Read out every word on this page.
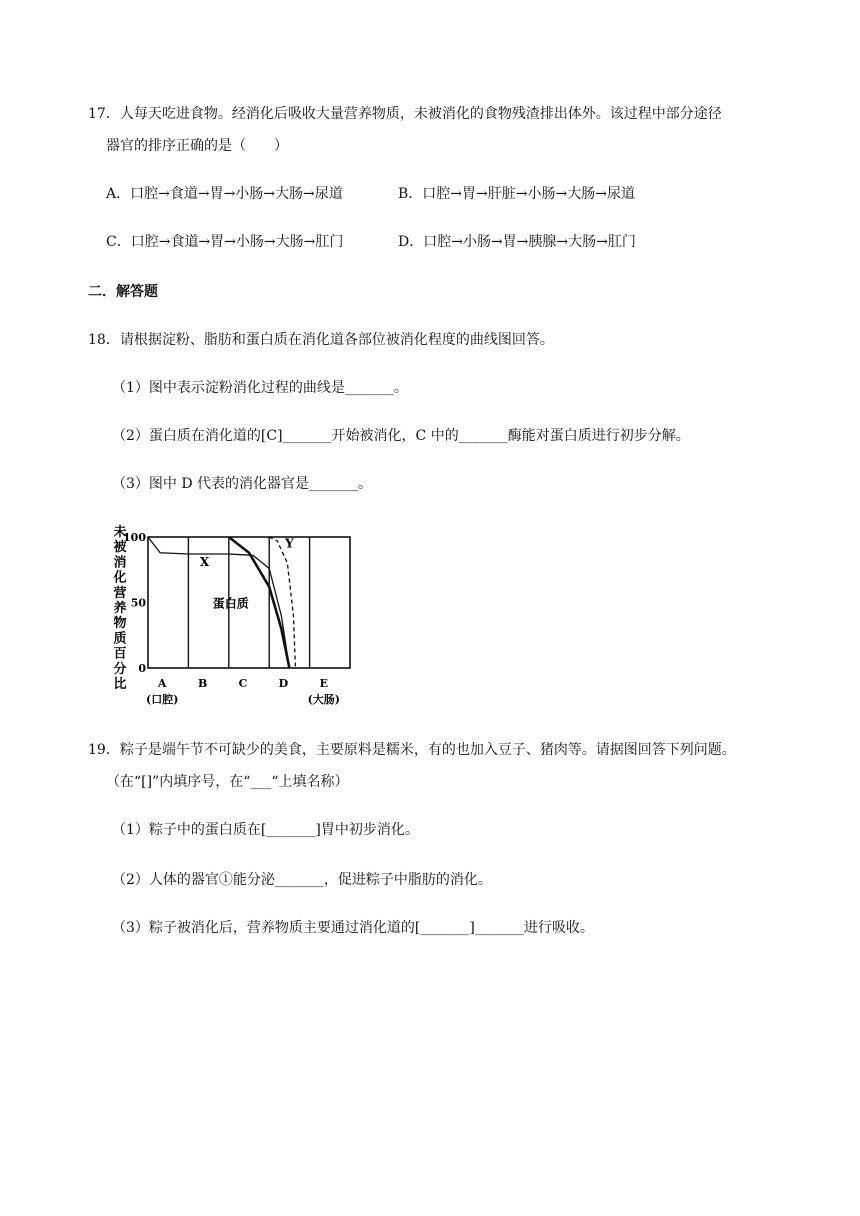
17．人每天吃进食物。经消化后吸收大量营养物质，未被消化的食物残渣排出体外。该过程中部分途径
器官的排序正确的是（　　）
A．口腔→食道→胃→小肠→大肠→尿道	B．口腔→胃→肝脏→小肠→大肠→尿道
C．口腔→食道→胃→小肠→大肠→肛门	D．口腔→小肠→胃→胰腺→大肠→肛门
二．解答题
18．请根据淀粉、脂肪和蛋白质在消化道各部位被消化程度的曲线图回答。
（1）图中表示淀粉消化过程的曲线是_______。
（2）蛋白质在消化道的[C]_______开始被消化，C 中的_______酶能对蛋白质进行初步分解。
（3）图中 D 代表的消化器官是_______。
未
被
消
化
营
养
物
质
百
分
比
100
50
0
A
(口腔)
B	C	D	E
(大肠)
X
蛋白质
Y
19．粽子是端午节不可缺少的美食，主要原料是糯米，有的也加入豆子、猪肉等。请据图回答下列问题。
（在“[]”内填序号，在“___“上填名称）
（1）粽子中的蛋白质在[_______]胃中初步消化。
（2）人体的器官①能分泌_______，促进粽子中脂肪的消化。
（3）粽子被消化后，营养物质主要通过消化道的[_______]_______进行吸收。
